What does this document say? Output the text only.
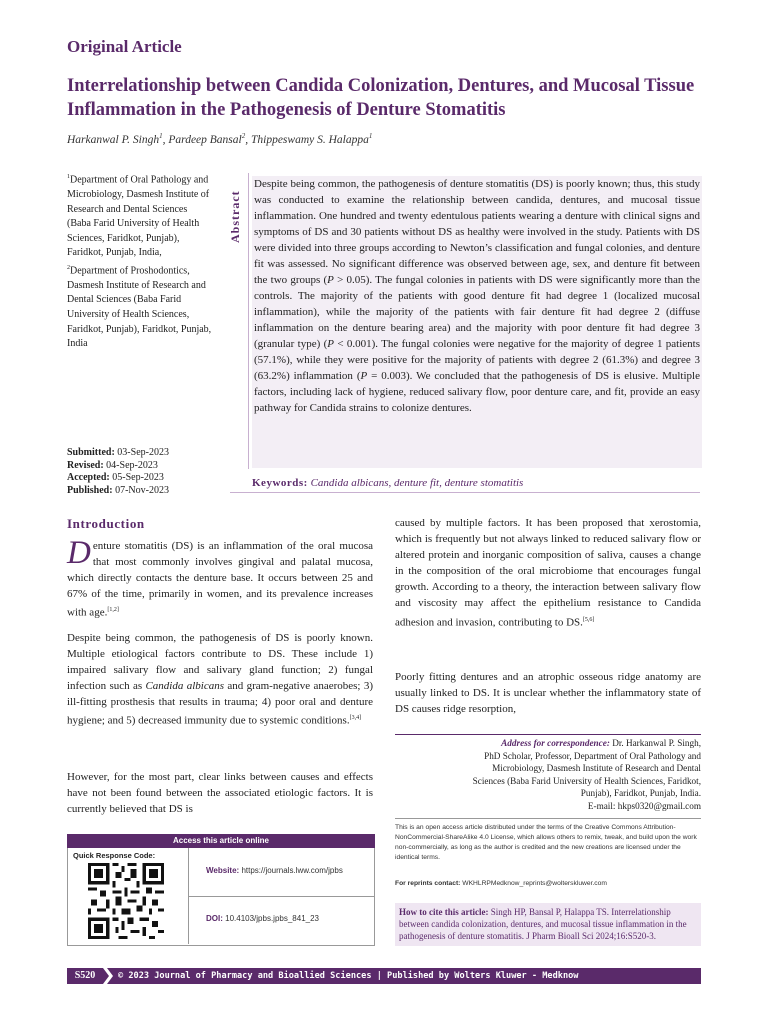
Original Article
Interrelationship between Candida Colonization, Dentures, and Mucosal Tissue Inflammation in the Pathogenesis of Denture Stomatitis
Harkanwal P. Singh$^1$, Pardeep Bansal$^2$, Thippeswamy S. Halappa$^1$
$^1$Department of Oral Pathology and Microbiology, Dasmesh Institute of Research and Dental Sciences (Baba Farid University of Health Sciences, Faridkot, Punjab), Faridkot, Punjab, India, $^2$Department of Proshodontics, Dasmesh Institute of Research and Dental Sciences (Baba Farid University of Health Sciences, Faridkot, Punjab), Faridkot, Punjab, India
Submitted: 03-Sep-2023
Revised: 04-Sep-2023
Accepted: 05-Sep-2023
Published: 07-Nov-2023
Abstract
Despite being common, the pathogenesis of denture stomatitis (DS) is poorly known; thus, this study was conducted to examine the relationship between candida, dentures, and mucosal tissue inflammation. One hundred and twenty edentulous patients wearing a denture with clinical signs and symptoms of DS and 30 patients without DS as healthy were involved in the study. Patients with DS were divided into three groups according to Newton’s classification and fungal colonies, and denture fit was assessed. No significant difference was observed between age, sex, and denture fit between the two groups (P > 0.05). The fungal colonies in patients with DS were significantly more than the controls. The majority of the patients with good denture fit had degree 1 (localized mucosal inflammation), while the majority of the patients with fair denture fit had degree 2 (diffuse inflammation on the denture bearing area) and the majority with poor denture fit had degree 3 (granular type) (P < 0.001). The fungal colonies were negative for the majority of degree 1 patients (57.1%), while they were positive for the majority of patients with degree 2 (61.3%) and degree 3 (63.2%) inflammation (P = 0.003). We concluded that the pathogenesis of DS is elusive. Multiple factors, including lack of hygiene, reduced salivary flow, poor denture care, and fit, provide an easy pathway for Candida strains to colonize dentures.
Keywords: Candida albicans, denture fit, denture stomatitis
Introduction
Denture stomatitis (DS) is an inflammation of the oral mucosa that most commonly involves gingival and palatal mucosa, which directly contacts the denture base. It occurs between 25 and 67% of the time, primarily in women, and its prevalence increases with age.[1,2]
Despite being common, the pathogenesis of DS is poorly known. Multiple etiological factors contribute to DS. These include 1) impaired salivary flow and salivary gland function; 2) fungal infection such as Candida albicans and gram-negative anaerobes; 3) ill-fitting prosthesis that results in trauma; 4) poor oral and denture hygiene; and 5) decreased immunity due to systemic conditions.[3,4]
However, for the most part, clear links between causes and effects have not been found between the associated etiologic factors. It is currently believed that DS is
caused by multiple factors. It has been proposed that xerostomia, which is frequently but not always linked to reduced salivary flow or altered protein and inorganic composition of saliva, causes a change in the composition of the oral microbiome that encourages fungal growth. According to a theory, the interaction between salivary flow and viscosity may affect the epithelium resistance to Candida adhesion and invasion, contributing to DS.[5,6]
Poorly fitting dentures and an atrophic osseous ridge anatomy are usually linked to DS. It is unclear whether the inflammatory state of DS causes ridge resorption,
Address for correspondence: Dr. Harkanwal P. Singh,
PhD Scholar, Professor, Department of Oral Pathology and
Microbiology, Dasmesh Institute of Research and Dental
Sciences (Baba Farid University of Health Sciences, Faridkot,
Punjab), Faridkot, Punjab, India.
E-mail: hkps0320@gmail.com
This is an open access article distributed under the terms of the Creative Commons Attribution-NonCommercial-ShareAlike 4.0 License, which allows others to remix, tweak, and build upon the work non-commercially, as long as the author is credited and the new creations are licensed under the identical terms.
For reprints contact: WKHLRPMedknow_reprints@wolterskluwer.com
How to cite this article: Singh HP, Bansal P, Halappa TS. Interrelationship between candida colonization, dentures, and mucosal tissue inflammation in the pathogenesis of denture stomatitis. J Pharm Bioall Sci 2024;16:S520-3.
Access this article online
Quick Response Code:
Website: https://journals.lww.com/jpbs
DOI: 10.4103/jpbs.jpbs_841_23
S520	© 2023 Journal of Pharmacy and Bioallied Sciences | Published by Wolters Kluwer - Medknow
